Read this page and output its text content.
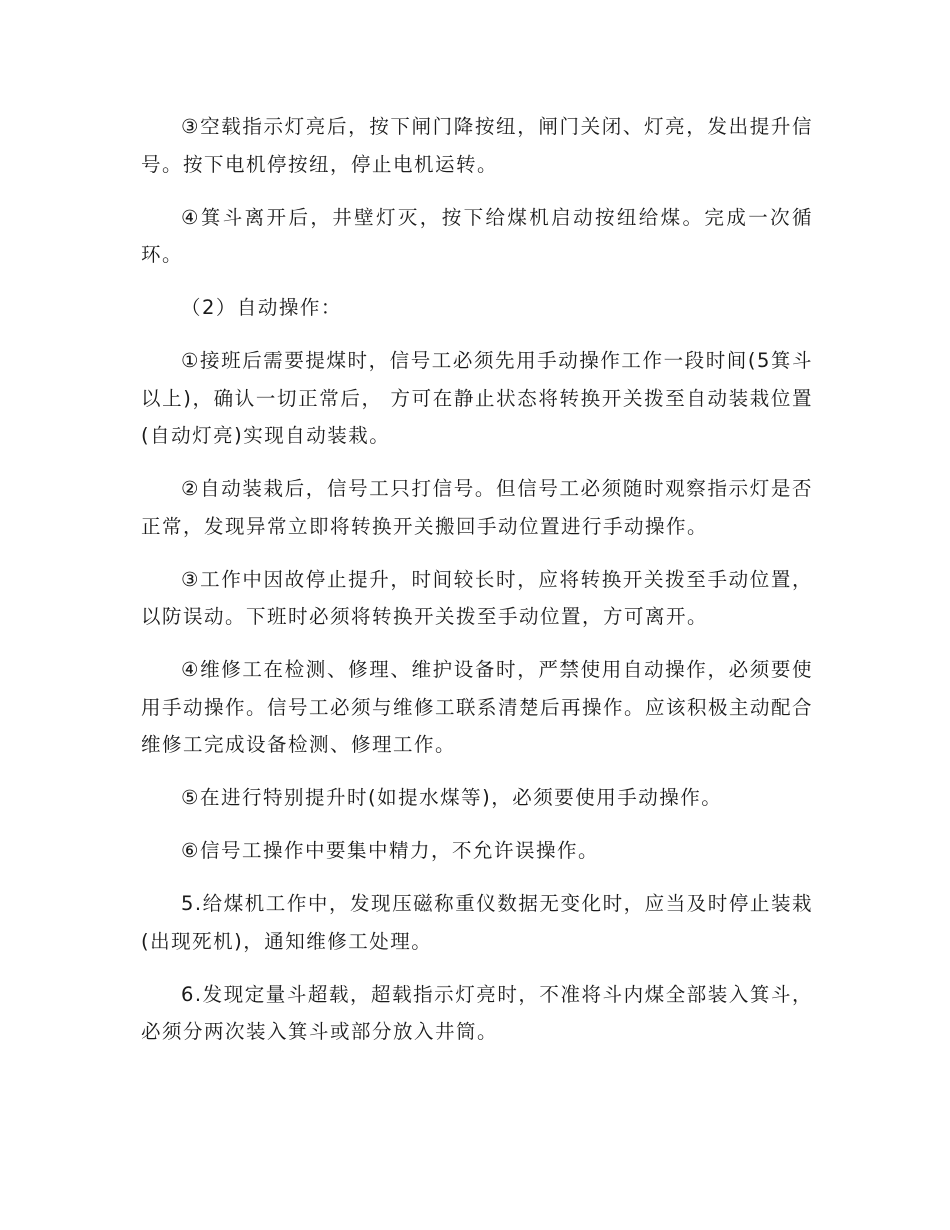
③空载指示灯亮后，按下闸门降按纽，闸门关闭、灯亮，发出提升信号。按下电机停按纽，停止电机运转。

④箕斗离开后，井壁灯灭，按下给煤机启动按纽给煤。完成一次循环。

（2）自动操作：

①接班后需要提煤时，信号工必须先用手动操作工作一段时间(5箕斗以上)，确认一切正常后， 方可在静止状态将转换开关拨至自动装栽位置(自动灯亮)实现自动装栽。

②自动装栽后，信号工只打信号。但信号工必须随时观察指示灯是否正常，发现异常立即将转换开关搬回手动位置进行手动操作。

③工作中因故停止提升，时间较长时，应将转换开关拨至手动位置，以防误动。下班时必须将转换开关拨至手动位置，方可离开。

④维修工在检测、修理、维护设备时，严禁使用自动操作，必须要使用手动操作。信号工必须与维修工联系清楚后再操作。应该积极主动配合维修工完成设备检测、修理工作。

⑤在进行特别提升时(如提水煤等)，必须要使用手动操作。

⑥信号工操作中要集中精力，不允许误操作。

5.给煤机工作中，发现压磁称重仪数据无变化时，应当及时停止装栽(出现死机)，通知维修工处理。

6.发现定量斗超载，超载指示灯亮时，不准将斗内煤全部装入箕斗，必须分两次装入箕斗或部分放入井筒。
